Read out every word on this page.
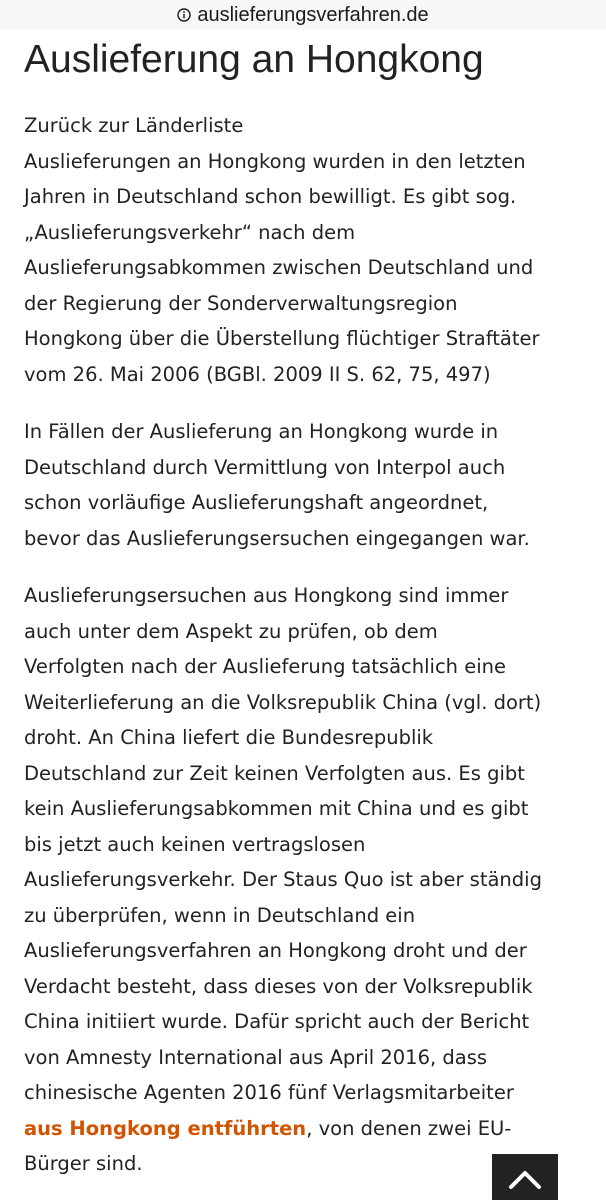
auslieferungsverfahren.de
Auslieferung an Hongkong

Zurück zur Länderliste
Auslieferungen an Hongkong wurden in den letzten
Jahren in Deutschland schon bewilligt. Es gibt sog.
„Auslieferungsverkehr“ nach dem
Auslieferungsabkommen zwischen Deutschland und
der Regierung der Sonderverwaltungsregion
Hongkong über die Überstellung flüchtiger Straftäter
vom 26. Mai 2006 (BGBl. 2009 II S. 62, 75, 497)

In Fällen der Auslieferung an Hongkong wurde in
Deutschland durch Vermittlung von Interpol auch
schon vorläufige Auslieferungshaft angeordnet,
bevor das Auslieferungsersuchen eingegangen war.

Auslieferungsersuchen aus Hongkong sind immer
auch unter dem Aspekt zu prüfen, ob dem
Verfolgten nach der Auslieferung tatsächlich eine
Weiterlieferung an die Volksrepublik China (vgl. dort)
droht. An China liefert die Bundesrepublik
Deutschland zur Zeit keinen Verfolgten aus. Es gibt
kein Auslieferungsabkommen mit China und es gibt
bis jetzt auch keinen vertragslosen
Auslieferungsverkehr. Der Staus Quo ist aber ständig
zu überprüfen, wenn in Deutschland ein
Auslieferungsverfahren an Hongkong droht und der
Verdacht besteht, dass dieses von der Volksrepublik
China initiiert wurde. Dafür spricht auch der Bericht
von Amnesty International aus April 2016, dass
chinesische Agenten 2016 fünf Verlagsmitarbeiter
aus Hongkong entführten, von denen zwei EU-
Bürger sind.
